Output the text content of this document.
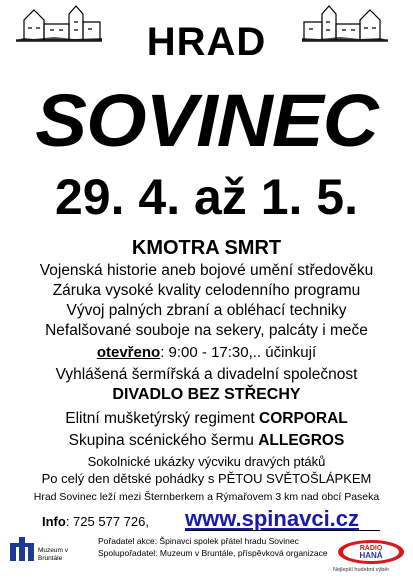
HRAD
SOVINEC
29. 4. až 1. 5.
KMOTRA SMRT
Vojenská historie aneb bojové umění středověku
Záruka vysoké kvality celodenního programu
Vývoj palných zbraní a obléhací techniky
Nefalšované souboje na sekery, palcáty i meče
otevřeno: 9:00 - 17:30,.. účinkují
Vyhlášená šermířská a divadelní společnost
DIVADLO BEZ STŘECHY
Elitní mušketýrský regiment CORPORAL
Skupina scénického šermu ALLEGROS
Sokolnické ukázky výcviku dravých ptáků
Po celý den dětské pohádky s PĚTOU SVĚTOŠLÁPKEM
Hrad Sovinec leží mezi Šternberkem a Rýmařovem 3 km nad obcí Paseka
Info: 725 577 726, www.spinavci.cz
Pořadatel akce: Špinavci spolek přátel hradu Sovinec
Spolupořadatel: Muzeum v Bruntále, příspěvková organizace
Muzeum v Bruntále
RÁDIO
HANÁ
Nejlepší hudební výběr
